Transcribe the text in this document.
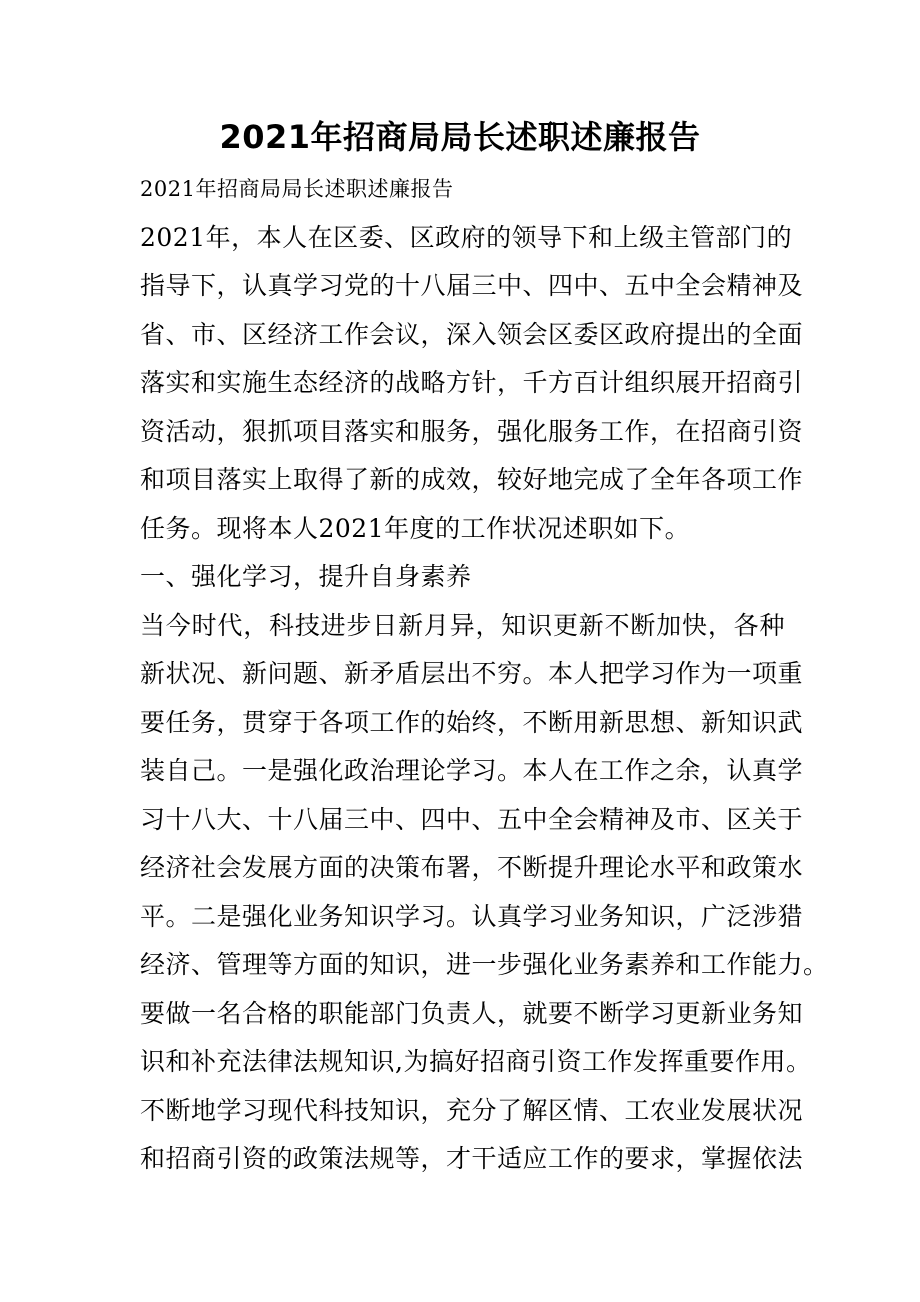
2021年招商局局长述职述廉报告
2021年招商局局长述职述廉报告
2021年，本人在区委、区政府的领导下和上级主管部门的
指导下，认真学习党的十八届三中、四中、五中全会精神及
省、市、区经济工作会议，深入领会区委区政府提出的全面
落实和实施生态经济的战略方针，千方百计组织展开招商引
资活动，狠抓项目落实和服务，强化服务工作，在招商引资
和项目落实上取得了新的成效，较好地完成了全年各项工作
任务。现将本人2021年度的工作状况述职如下。
一、强化学习，提升自身素养
当今时代，科技进步日新月异，知识更新不断加快，各种
新状况、新问题、新矛盾层出不穷。本人把学习作为一项重
要任务，贯穿于各项工作的始终，不断用新思想、新知识武
装自己。一是强化政治理论学习。本人在工作之余，认真学
习十八大、十八届三中、四中、五中全会精神及市、区关于
经济社会发展方面的决策布署，不断提升理论水平和政策水
平。二是强化业务知识学习。认真学习业务知识，广泛涉猎
经济、管理等方面的知识，进一步强化业务素养和工作能力。
要做一名合格的职能部门负责人，就要不断学习更新业务知
识和补充法律法规知识,为搞好招商引资工作发挥重要作用。
不断地学习现代科技知识，充分了解区情、工农业发展状况
和招商引资的政策法规等，才干适应工作的要求，掌握依法
